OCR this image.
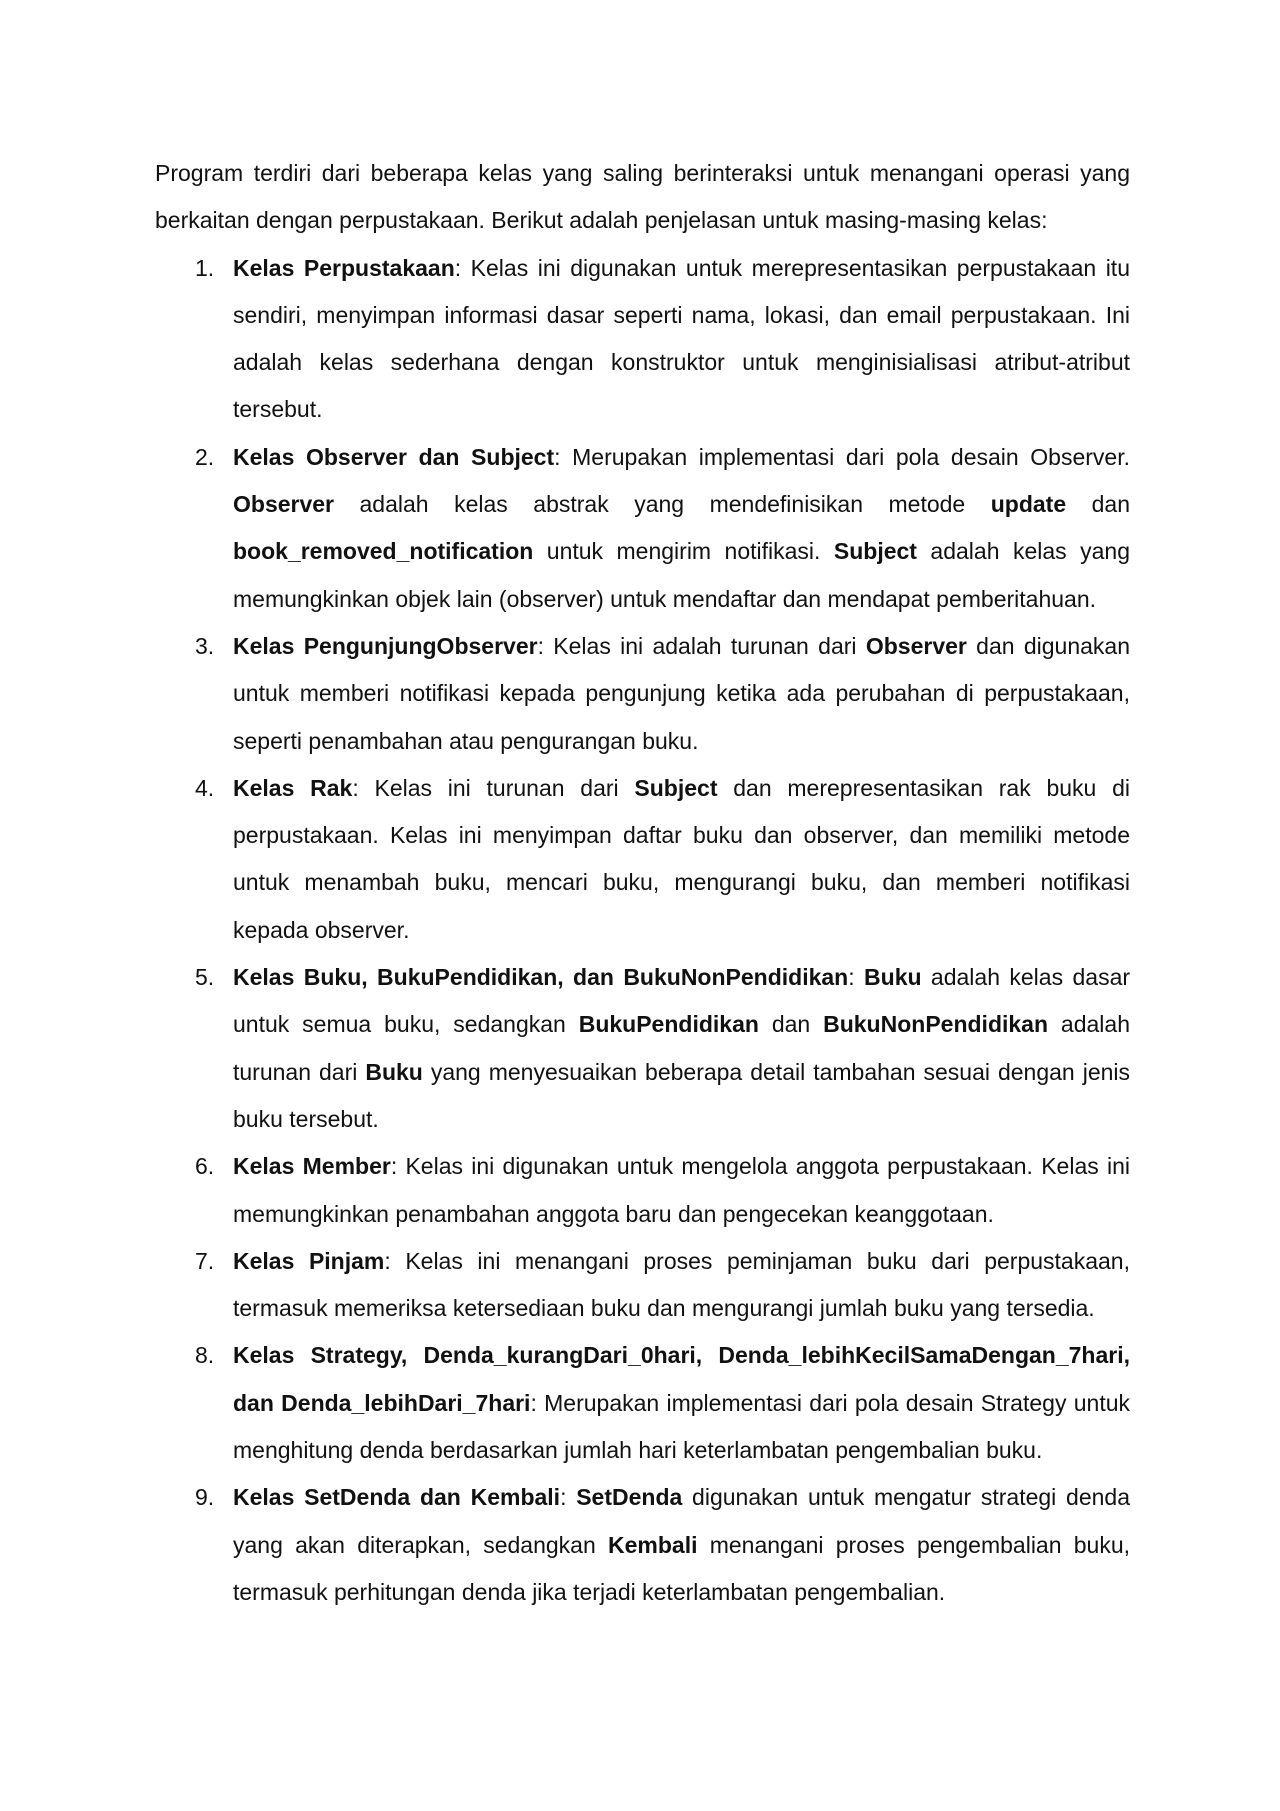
Program terdiri dari beberapa kelas yang saling berinteraksi untuk menangani operasi yang berkaitan dengan perpustakaan. Berikut adalah penjelasan untuk masing-masing kelas:

1. Kelas Perpustakaan: Kelas ini digunakan untuk merepresentasikan perpustakaan itu sendiri, menyimpan informasi dasar seperti nama, lokasi, dan email perpustakaan. Ini adalah kelas sederhana dengan konstruktor untuk menginisialisasi atribut-atribut tersebut.
2. Kelas Observer dan Subject: Merupakan implementasi dari pola desain Observer. Observer adalah kelas abstrak yang mendefinisikan metode update dan book_removed_notification untuk mengirim notifikasi. Subject adalah kelas yang memungkinkan objek lain (observer) untuk mendaftar dan mendapat pemberitahuan.
3. Kelas PengunjungObserver: Kelas ini adalah turunan dari Observer dan digunakan untuk memberi notifikasi kepada pengunjung ketika ada perubahan di perpustakaan, seperti penambahan atau pengurangan buku.
4. Kelas Rak: Kelas ini turunan dari Subject dan merepresentasikan rak buku di perpustakaan. Kelas ini menyimpan daftar buku dan observer, dan memiliki metode untuk menambah buku, mencari buku, mengurangi buku, dan memberi notifikasi kepada observer.
5. Kelas Buku, BukuPendidikan, dan BukuNonPendidikan: Buku adalah kelas dasar untuk semua buku, sedangkan BukuPendidikan dan BukuNonPendidikan adalah turunan dari Buku yang menyesuaikan beberapa detail tambahan sesuai dengan jenis buku tersebut.
6. Kelas Member: Kelas ini digunakan untuk mengelola anggota perpustakaan. Kelas ini memungkinkan penambahan anggota baru dan pengecekan keanggotaan.
7. Kelas Pinjam: Kelas ini menangani proses peminjaman buku dari perpustakaan, termasuk memeriksa ketersediaan buku dan mengurangi jumlah buku yang tersedia.
8. Kelas Strategy, Denda_kurangDari_0hari, Denda_lebihKecilSamaDengan_7hari, dan Denda_lebihDari_7hari: Merupakan implementasi dari pola desain Strategy untuk menghitung denda berdasarkan jumlah hari keterlambatan pengembalian buku.
9. Kelas SetDenda dan Kembali: SetDenda digunakan untuk mengatur strategi denda yang akan diterapkan, sedangkan Kembali menangani proses pengembalian buku, termasuk perhitungan denda jika terjadi keterlambatan pengembalian.
